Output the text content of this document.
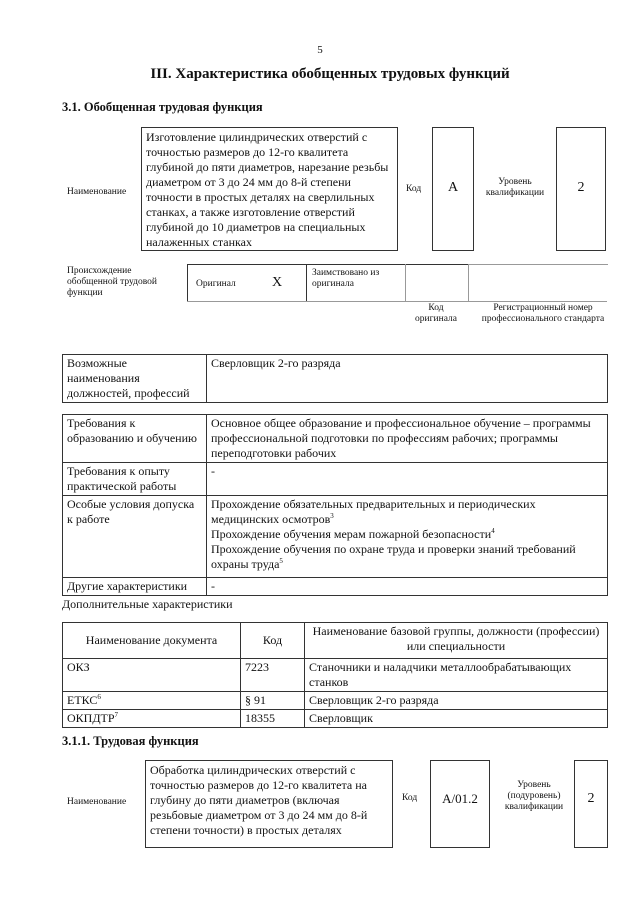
5
III. Характеристика обобщенных трудовых функций
3.1. Обобщенная трудовая функция
Наименование
Изготовление цилиндрических отверстий с точностью размеров до 12-го квалитета глубиной до пяти диаметров, нарезание резьбы диаметром от 3 до 24 мм до 8-й степени точности в простых деталях на сверлильных станках, а также изготовление отверстий глубиной до 10 диаметров на специальных налаженных станках
Код	A	Уровень квалификации	2
Происхождение обобщенной трудовой функции
Оригинал	X
Заимствовано из оригинала
Код оригинала
Регистрационный номер профессионального стандарта
Возможные наименования должностей, профессий	Сверловщик 2-го разряда
Требования к образованию и обучению	Основное общее образование и профессиональное обучение – программы профессиональной подготовки по профессиям рабочих; программы переподготовки рабочих
Требования к опыту практической работы	-
Особые условия допуска к работе	Прохождение обязательных предварительных и периодических медицинских осмотров$^3$
Прохождение обучения мерам пожарной безопасности$^4$
Прохождение обучения по охране труда и проверки знаний требований охраны труда$^5$

Другие характеристики	-
Дополнительные характеристики
Наименование документа	Код	Наименование базовой группы, должности (профессии) или специальности
ОКЗ	7223	Станочники и наладчики металлообрабатывающих станков
ЕТКС$^6$	§ 91	Сверловщик 2-го разряда
ОКПДТР$^7$	18355	Сверловщик
3.1.1. Трудовая функция
Наименование
Обработка цилиндрических отверстий с точностью размеров до 12-го квалитета на глубину до пяти диаметров (включая резьбовые диаметром от 3 до 24 мм до 8-й степени точности) в простых деталях
Код	A/01.2
Уровень (подуровень) квалификации
2
